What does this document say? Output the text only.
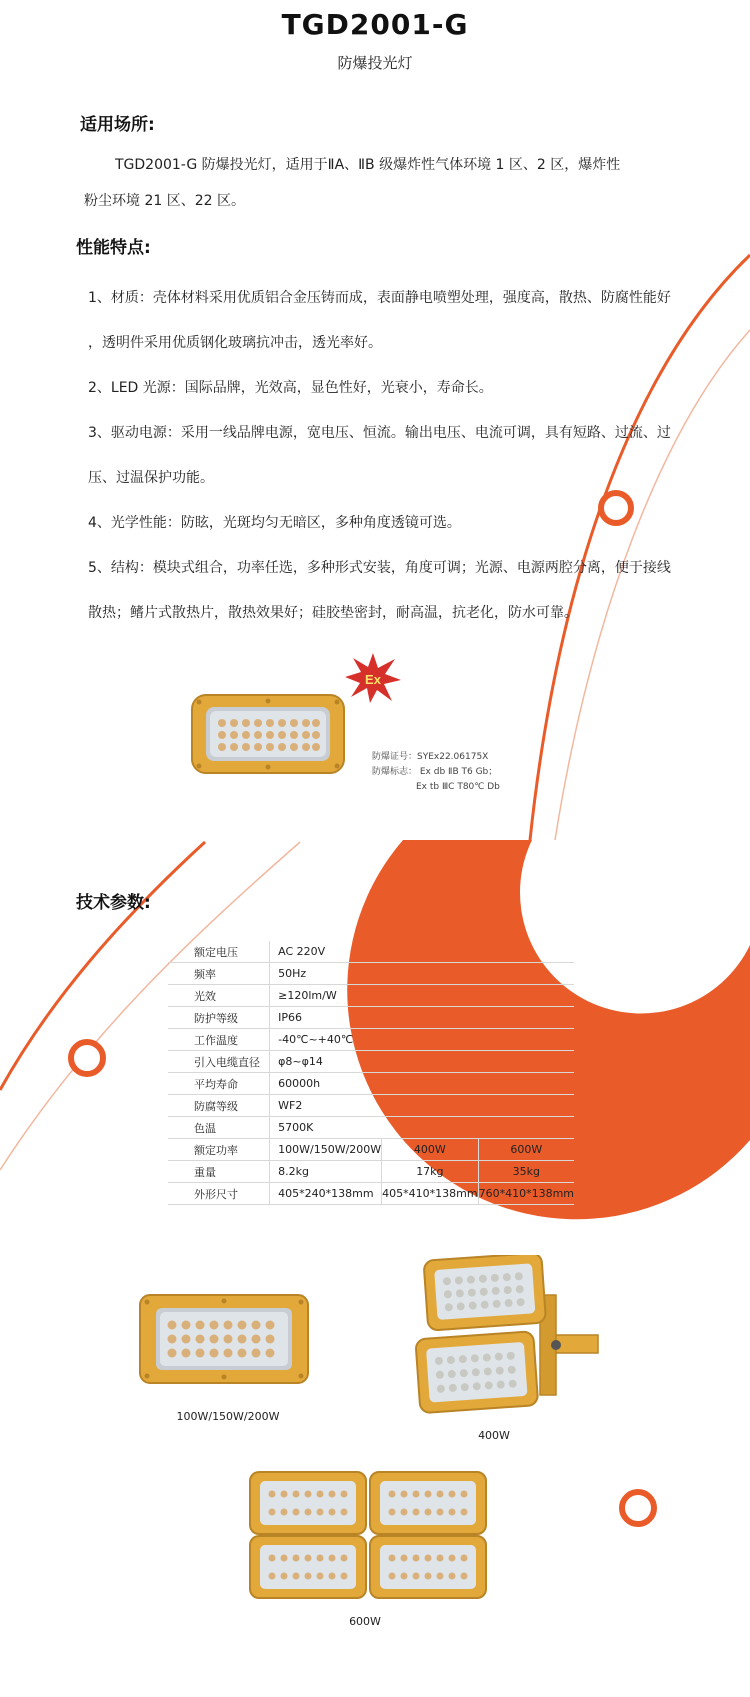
TGD2001-G
防爆投光灯
适用场所:
TGD2001-G 防爆投光灯，适用于ⅡA、ⅡB 级爆炸性气体环境 1 区、2 区，爆炸性
粉尘环境 21 区、22 区。
性能特点:
1、材质：壳体材料采用优质铝合金压铸而成，表面静电喷塑处理，强度高，散热、防腐性能好
，透明件采用优质钢化玻璃抗冲击，透光率好。
2、LED 光源：国际品牌，光效高，显色性好，光衰小，寿命长。
3、驱动电源：采用一线品牌电源，宽电压、恒流。输出电压、电流可调，具有短路、过流、过
压、过温保护功能。
4、光学性能：防眩，光斑均匀无暗区，多种角度透镜可选。
5、结构：模块式组合，功率任选，多种形式安装，角度可调；光源、电源两腔分离，便于接线
散热；鳍片式散热片，散热效果好；硅胶垫密封，耐高温，抗老化，防水可靠。
Ex
防爆证号：SYEx22.06175X
防爆标志： Ex db ⅡB T6 Gb；
Ex tb ⅢC T80℃ Db
技术参数:
额定电压	AC 220V		
频率	50Hz		
光效	≥120lm/W		
防护等级	IP66		
工作温度	-40℃~+40℃		
引入电缆直径	φ8~φ14		
平均寿命	60000h		
防腐等级	WF2		
色温	5700K		
额定功率	100W/150W/200W	400W	600W
重量	8.2kg	17kg	35kg
外形尺寸	405*240*138mm	405*410*138mm	760*410*138mm
100W/150W/200W
400W
600W
